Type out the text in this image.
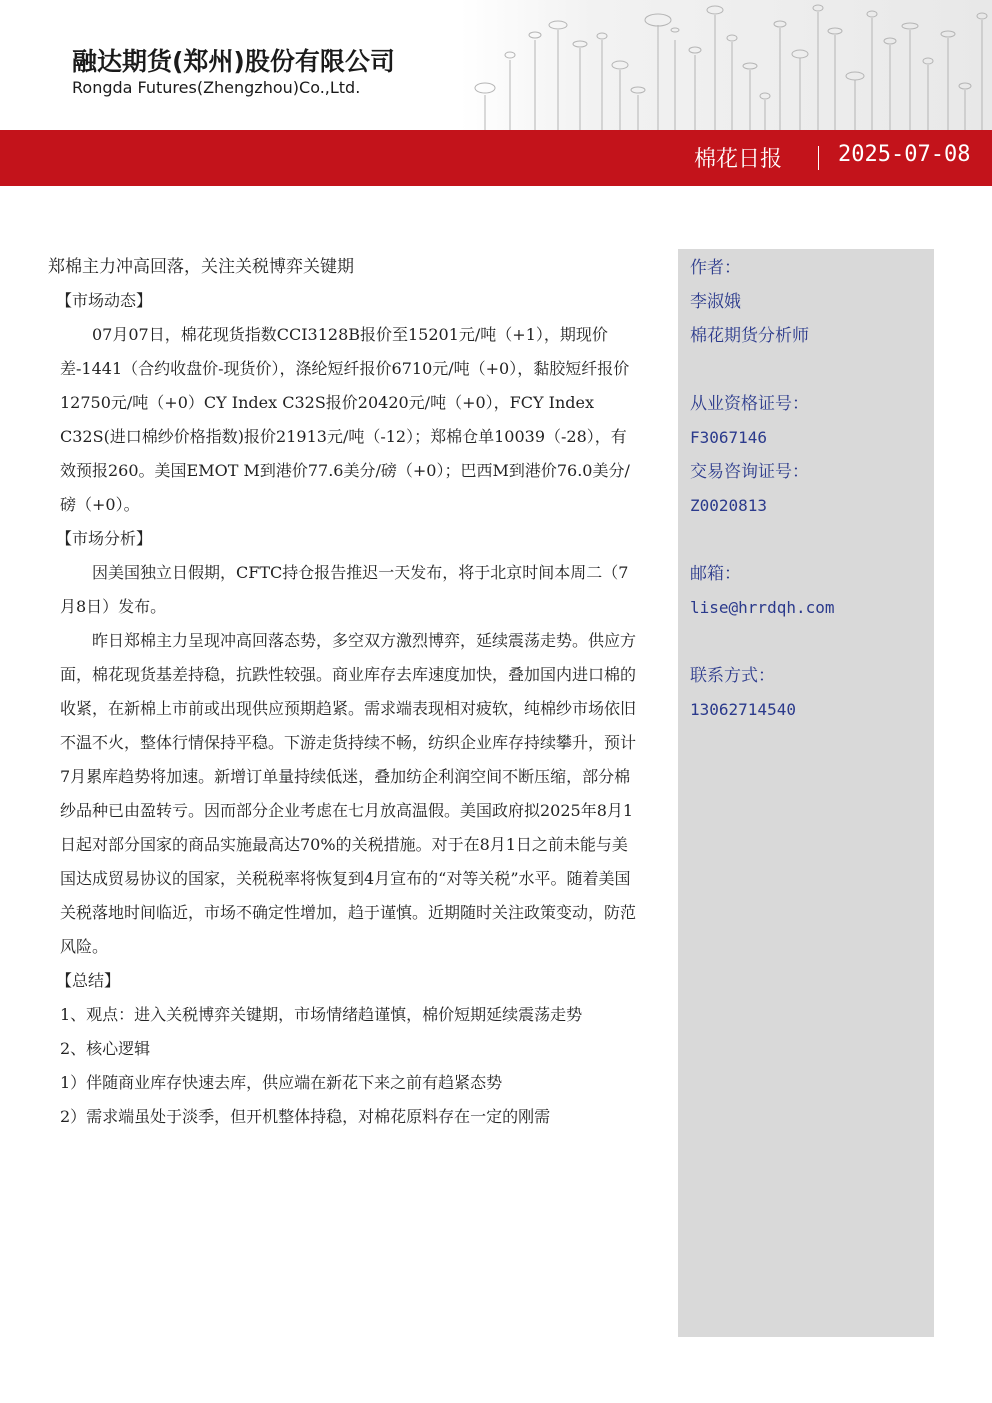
融达期货(郑州)股份有限公司
Rongda Futures(Zhengzhou)Co.,Ltd.
棉花日报	2025-07-08

郑棉主力冲高回落，关注关税博弈关键期

【市场动态】

07月07日，棉花现货指数CCI3128B报价至15201元/吨（+1），期现价差-1441（合约收盘价-现货价），涤纶短纤报价6710元/吨（+0），黏胶短纤报价12750元/吨（+0）CY Index C32S报价20420元/吨（+0），FCY Index C32S(进口棉纱价格指数)报价21913元/吨（-12）；郑棉仓单10039（-28），有效预报260。美国EMOT M到港价77.6美分/磅（+0）；巴西M到港价76.0美分/磅（+0）。

【市场分析】

因美国独立日假期，CFTC持仓报告推迟一天发布，将于北京时间本周二（7月8日）发布。

昨日郑棉主力呈现冲高回落态势，多空双方激烈博弈，延续震荡走势。供应方面，棉花现货基差持稳，抗跌性较强。商业库存去库速度加快，叠加国内进口棉的收紧，在新棉上市前或出现供应预期趋紧。需求端表现相对疲软，纯棉纱市场依旧不温不火，整体行情保持平稳。下游走货持续不畅，纺织企业库存持续攀升，预计7月累库趋势将加速。新增订单量持续低迷，叠加纺企利润空间不断压缩，部分棉纱品种已由盈转亏。因而部分企业考虑在七月放高温假。美国政府拟2025年8月1日起对部分国家的商品实施最高达70%的关税措施。对于在8月1日之前未能与美国达成贸易协议的国家，关税税率将恢复到4月宣布的“对等关税”水平。随着美国关税落地时间临近，市场不确定性增加，趋于谨慎。近期随时关注政策变动，防范风险。

【总结】

1、观点：进入关税博弈关键期，市场情绪趋谨慎，棉价短期延续震荡走势

2、核心逻辑

1）伴随商业库存快速去库，供应端在新花下来之前有趋紧态势

2）需求端虽处于淡季，但开机整体持稳，对棉花原料存在一定的刚需

作者：
李淑娥
棉花期货分析师
从业资格证号：
F3067146
交易咨询证号：
Z0020813
邮箱：
lise@hrrdqh.com
联系方式：
13062714540
